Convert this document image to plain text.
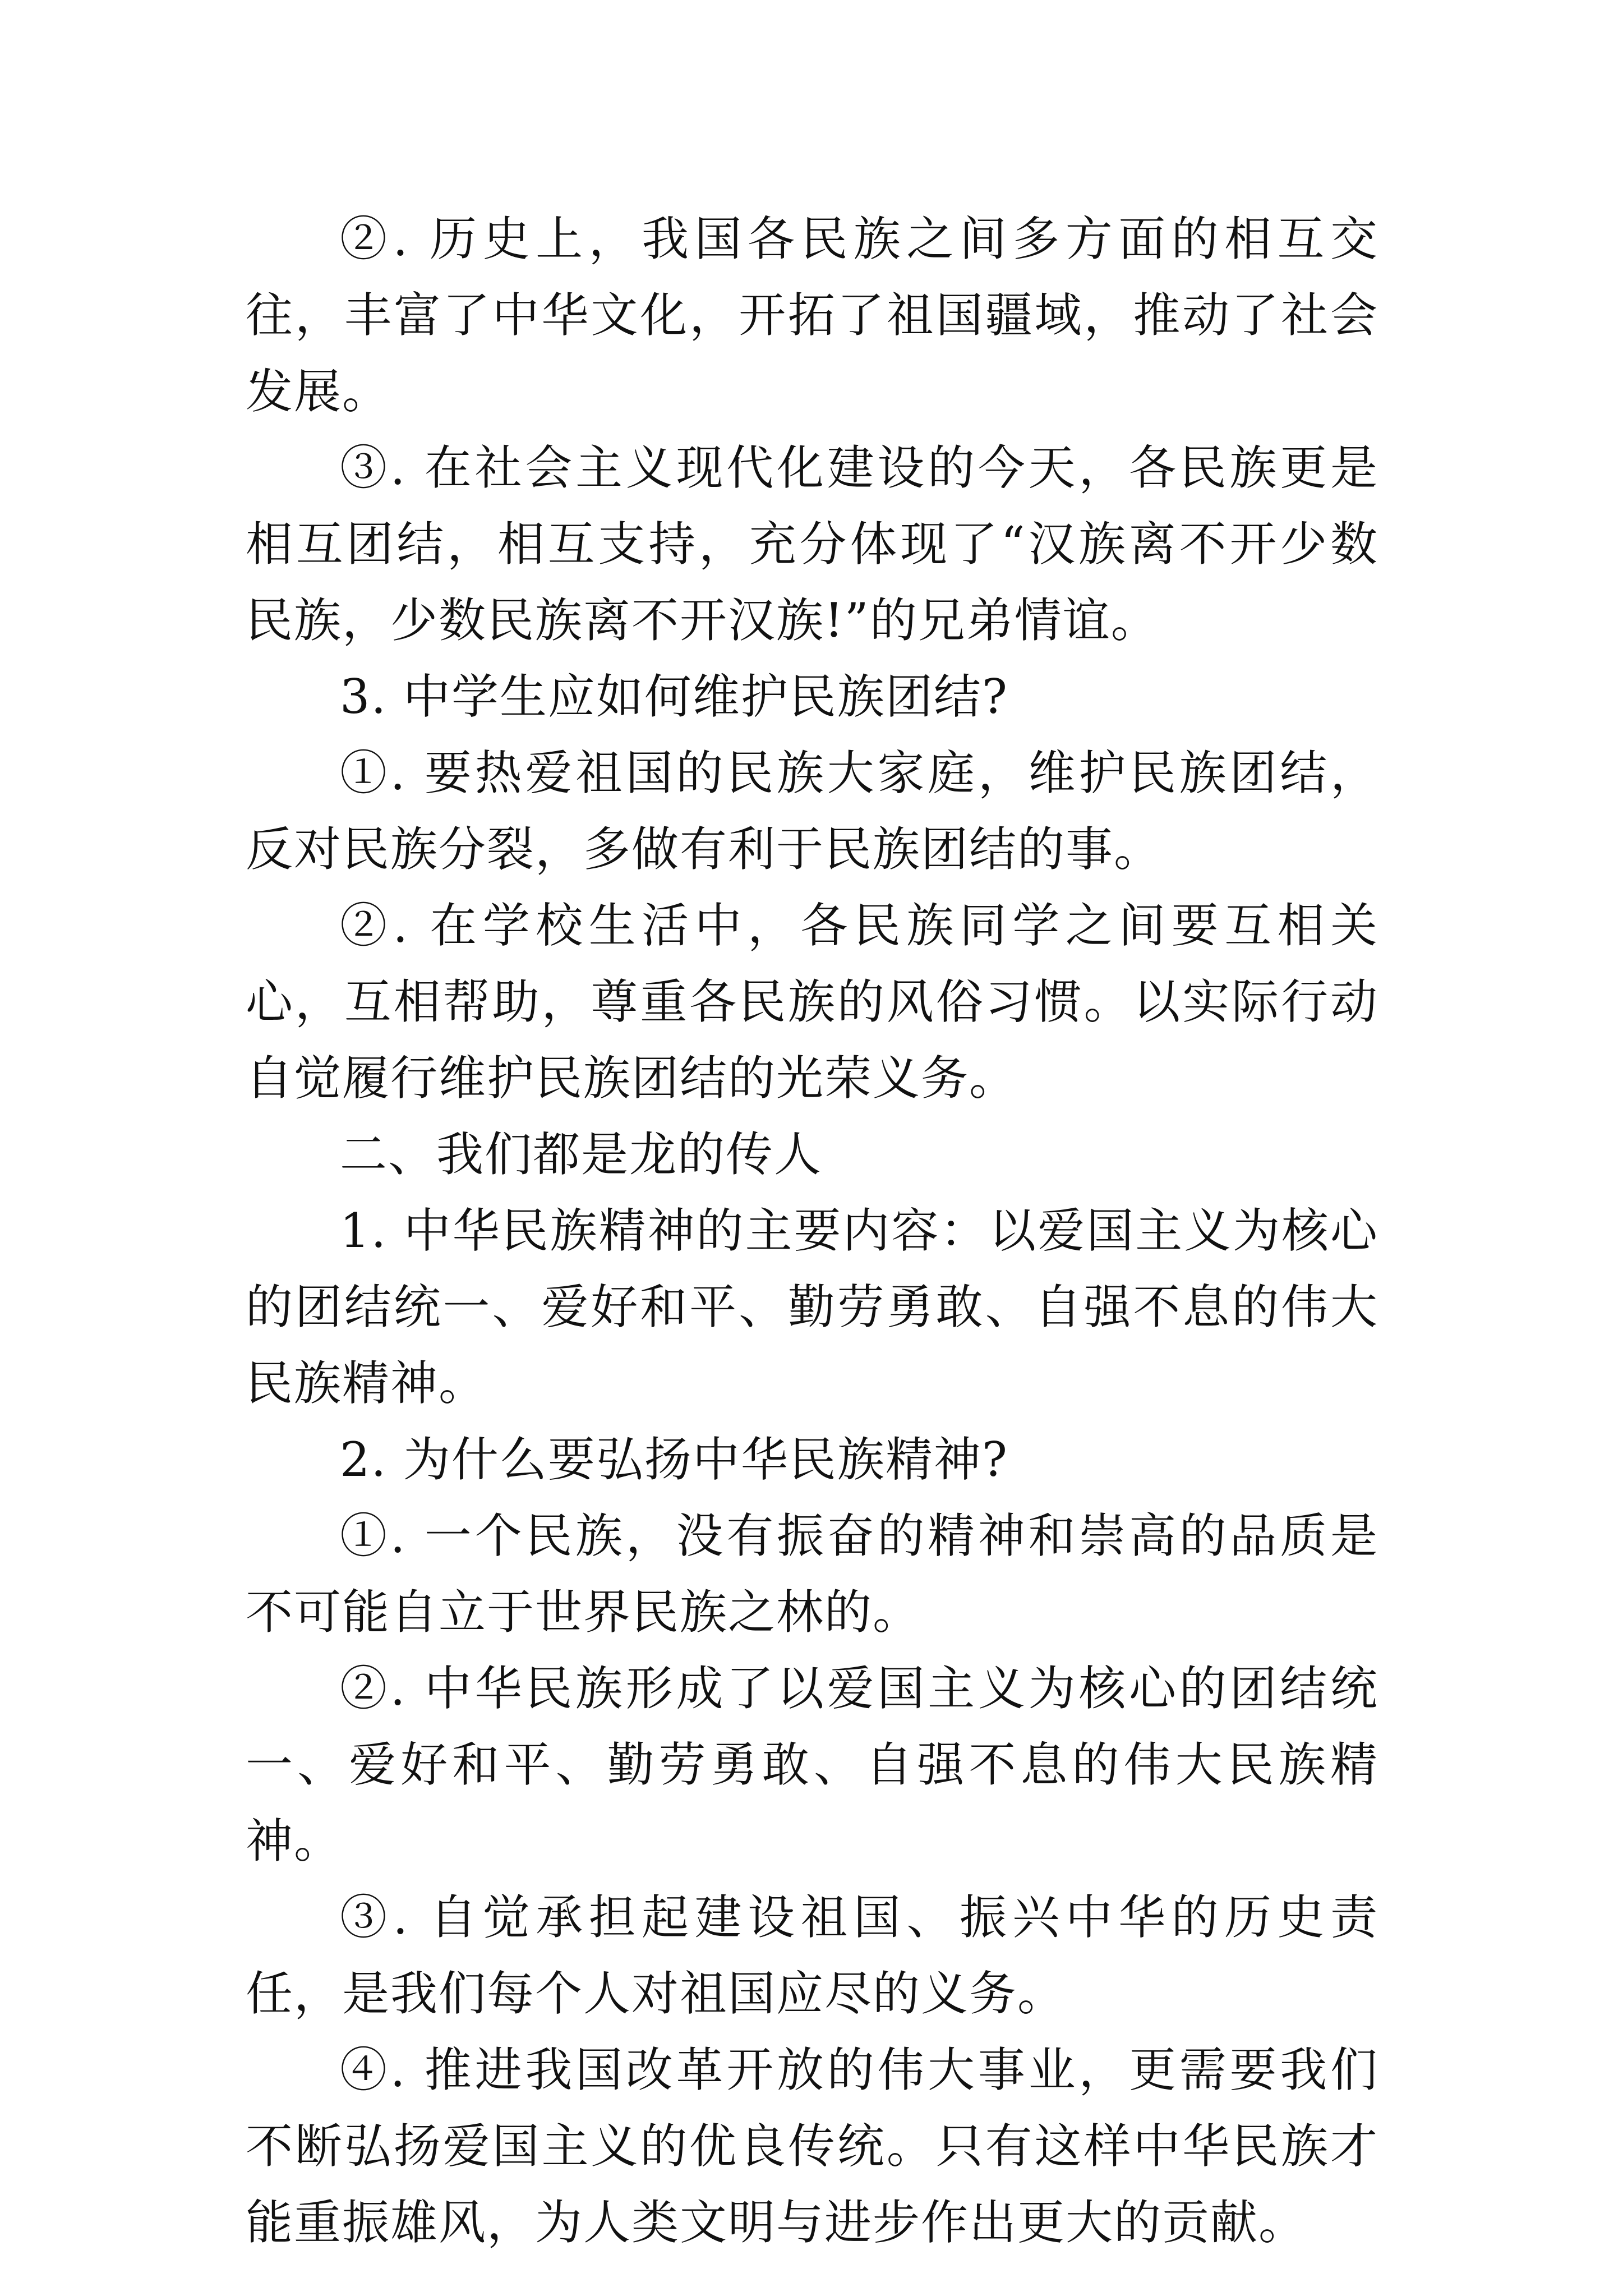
②. 历史上，我国各民族之间多方面的相互交往，丰富了中华文化，开拓了祖国疆域，推动了社会发展。

③. 在社会主义现代化建设的今天，各民族更是相互团结，相互支持，充分体现了“汉族离不开少数民族，少数民族离不开汉族!”的兄弟情谊。

3. 中学生应如何维护民族团结?

①. 要热爱祖国的民族大家庭，维护民族团结，反对民族分裂，多做有利于民族团结的事。

②. 在学校生活中，各民族同学之间要互相关心，互相帮助，尊重各民族的风俗习惯。以实际行动自觉履行维护民族团结的光荣义务。

二、我们都是龙的传人

1. 中华民族精神的主要内容：以爱国主义为核心的团结统一、爱好和平、勤劳勇敢、自强不息的伟大民族精神。

2. 为什么要弘扬中华民族精神?

①. 一个民族，没有振奋的精神和崇高的品质是不可能自立于世界民族之林的。

②. 中华民族形成了以爱国主义为核心的团结统一、爱好和平、勤劳勇敢、自强不息的伟大民族精神。

③. 自觉承担起建设祖国、振兴中华的历史责任，是我们每个人对祖国应尽的义务。

④. 推进我国改革开放的伟大事业，更需要我们不断弘扬爱国主义的优良传统。只有这样中华民族才能重振雄风，为人类文明与进步作出更大的贡献。
